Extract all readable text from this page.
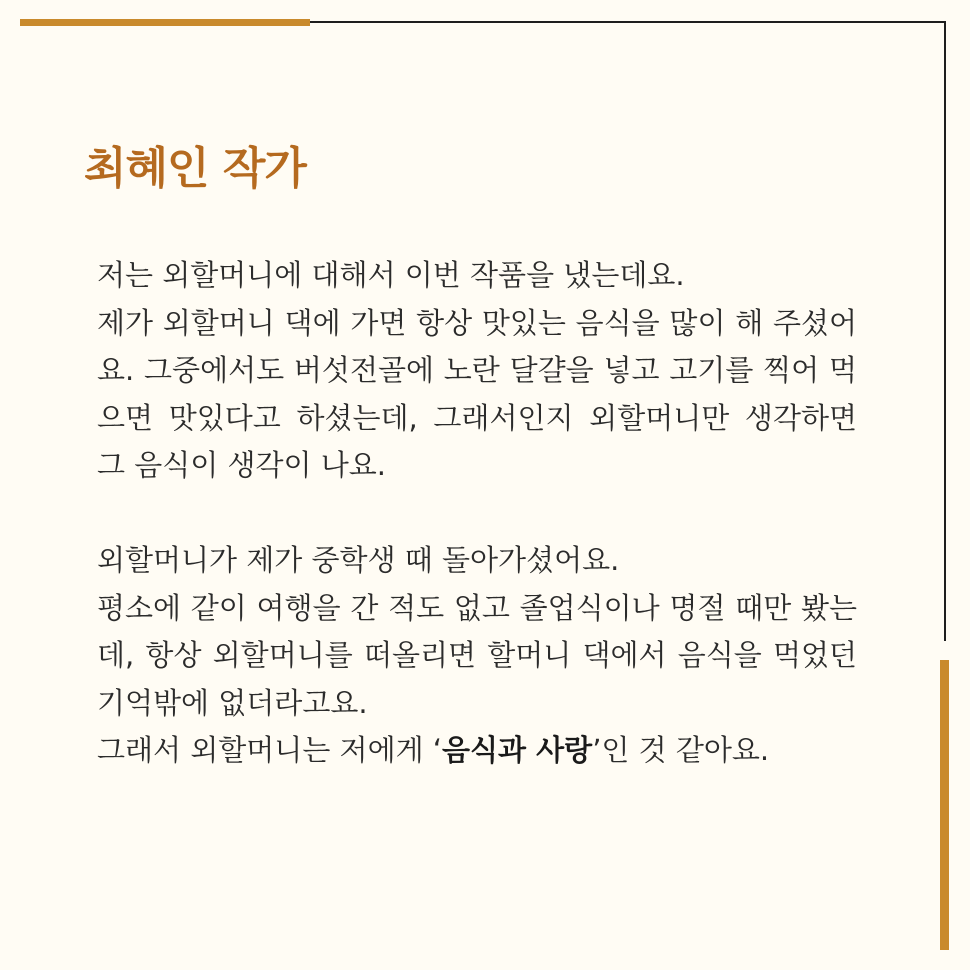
최혜인 작가

저는 외할머니에 대해서 이번 작품을 냈는데요.

제가 외할머니 댁에 가면 항상 맛있는 음식을 많이 해 주셨어요. 그중에서도 버섯전골에 노란 달걀을 넣고 고기를 찍어 먹으면 맛있다고 하셨는데, 그래서인지 외할머니만 생각하면 그 음식이 생각이 나요.

외할머니가 제가 중학생 때 돌아가셨어요.

평소에 같이 여행을 간 적도 없고 졸업식이나 명절 때만 봤는데, 항상 외할머니를 떠올리면 할머니 댁에서 음식을 먹었던 기억밖에 없더라고요.

그래서 외할머니는 저에게 ‘음식과 사랑’인 것 같아요.
